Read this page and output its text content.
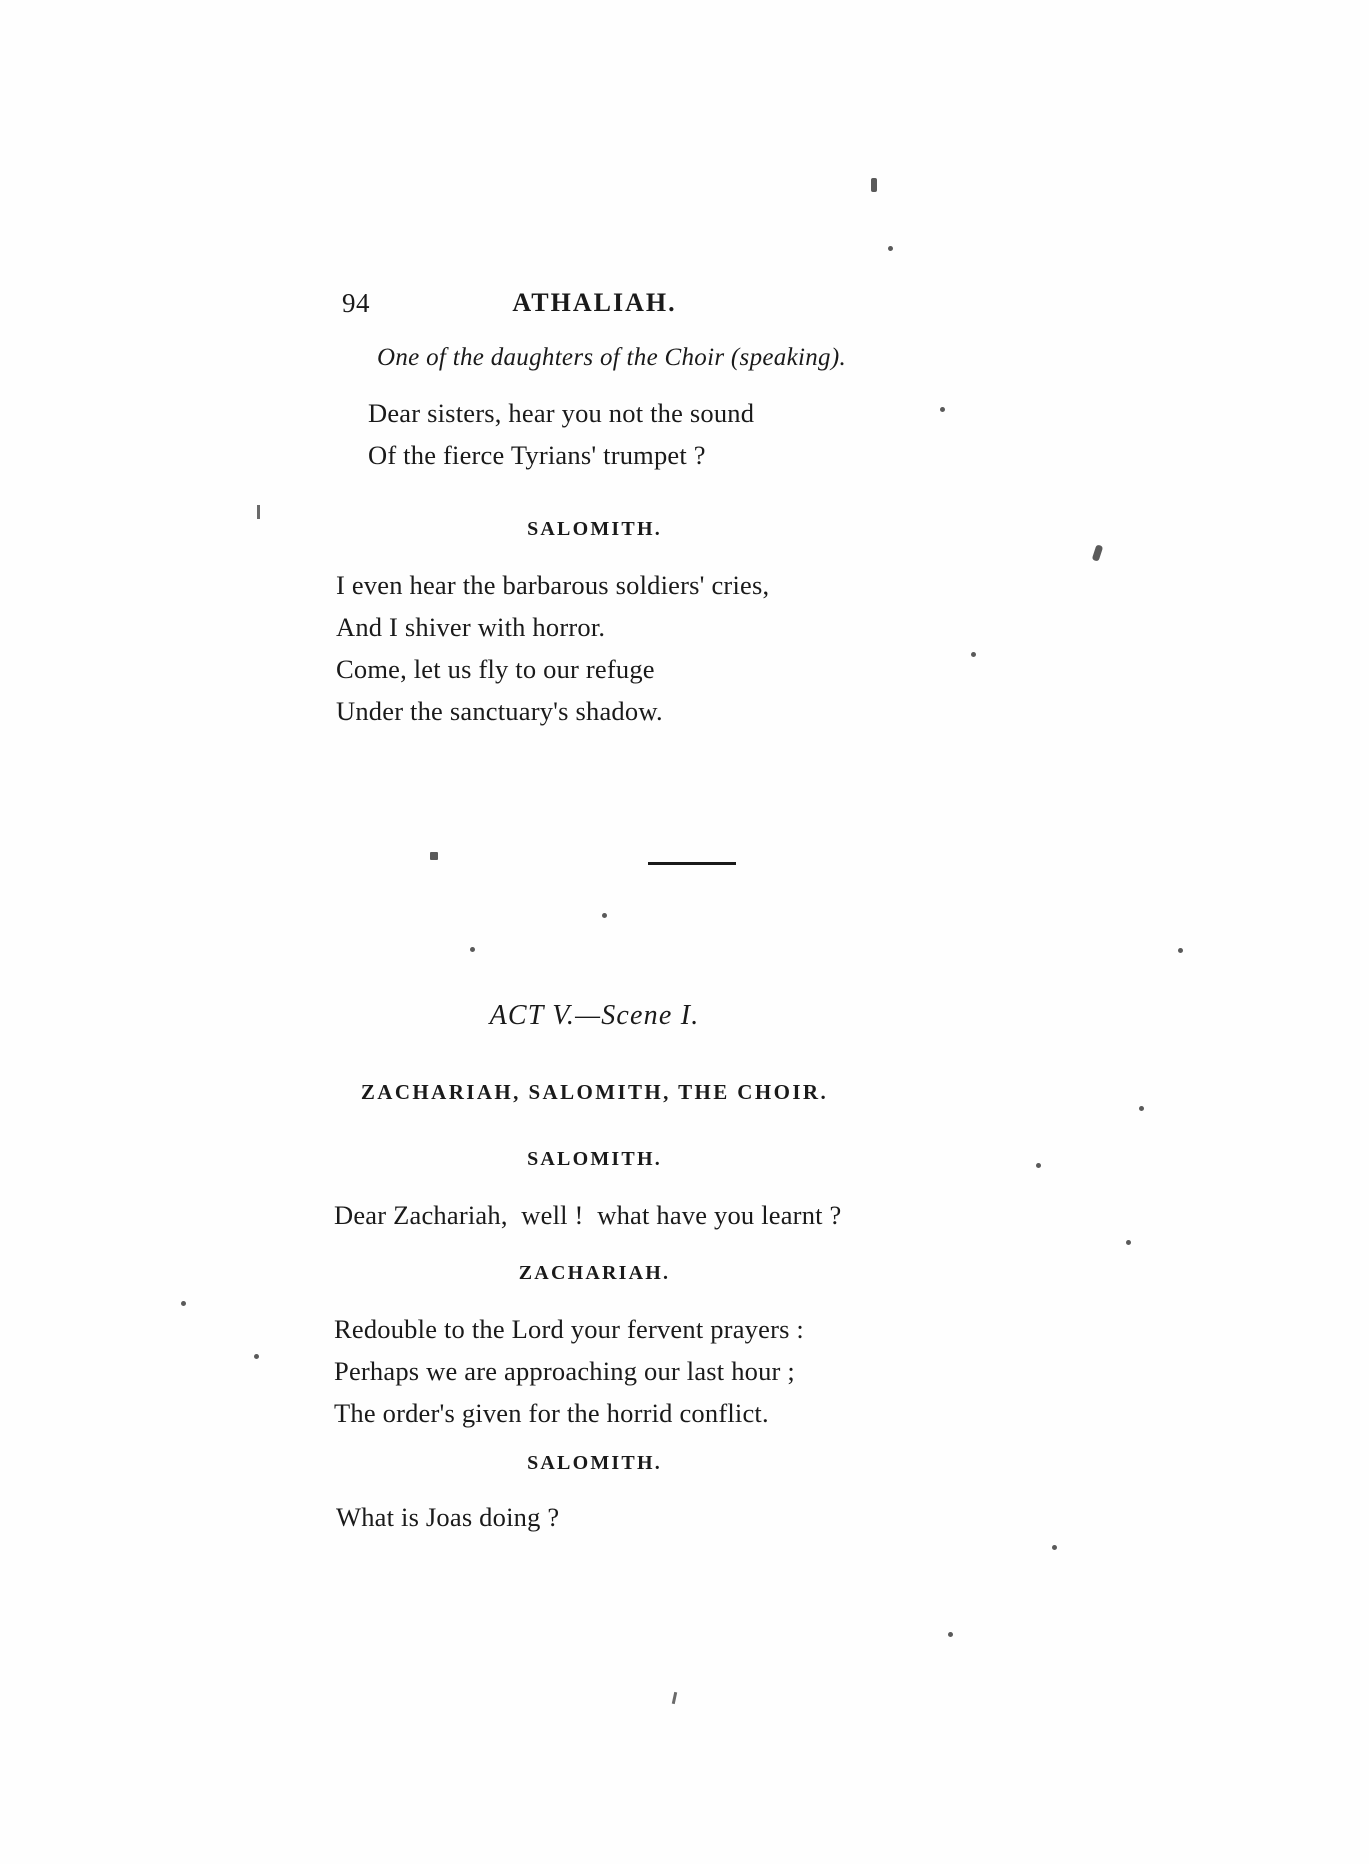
94	ATHALIAH.
One of the daughters of the Choir (speaking).
Dear sisters, hear you not the sound
Of the fierce Tyrians' trumpet ?
SALOMITH.
I even hear the barbarous soldiers' cries,
And I shiver with horror.
Come, let us fly to our refuge
Under the sanctuary's shadow.
ACT V.—Scene I.
ZACHARIAH, SALOMITH, THE CHOIR.
SALOMITH.
Dear Zachariah,  well !  what have you learnt ?
ZACHARIAH.
Redouble to the Lord your fervent prayers :
Perhaps we are approaching our last hour ;
The order's given for the horrid conflict.
SALOMITH.
What is Joas doing ?
